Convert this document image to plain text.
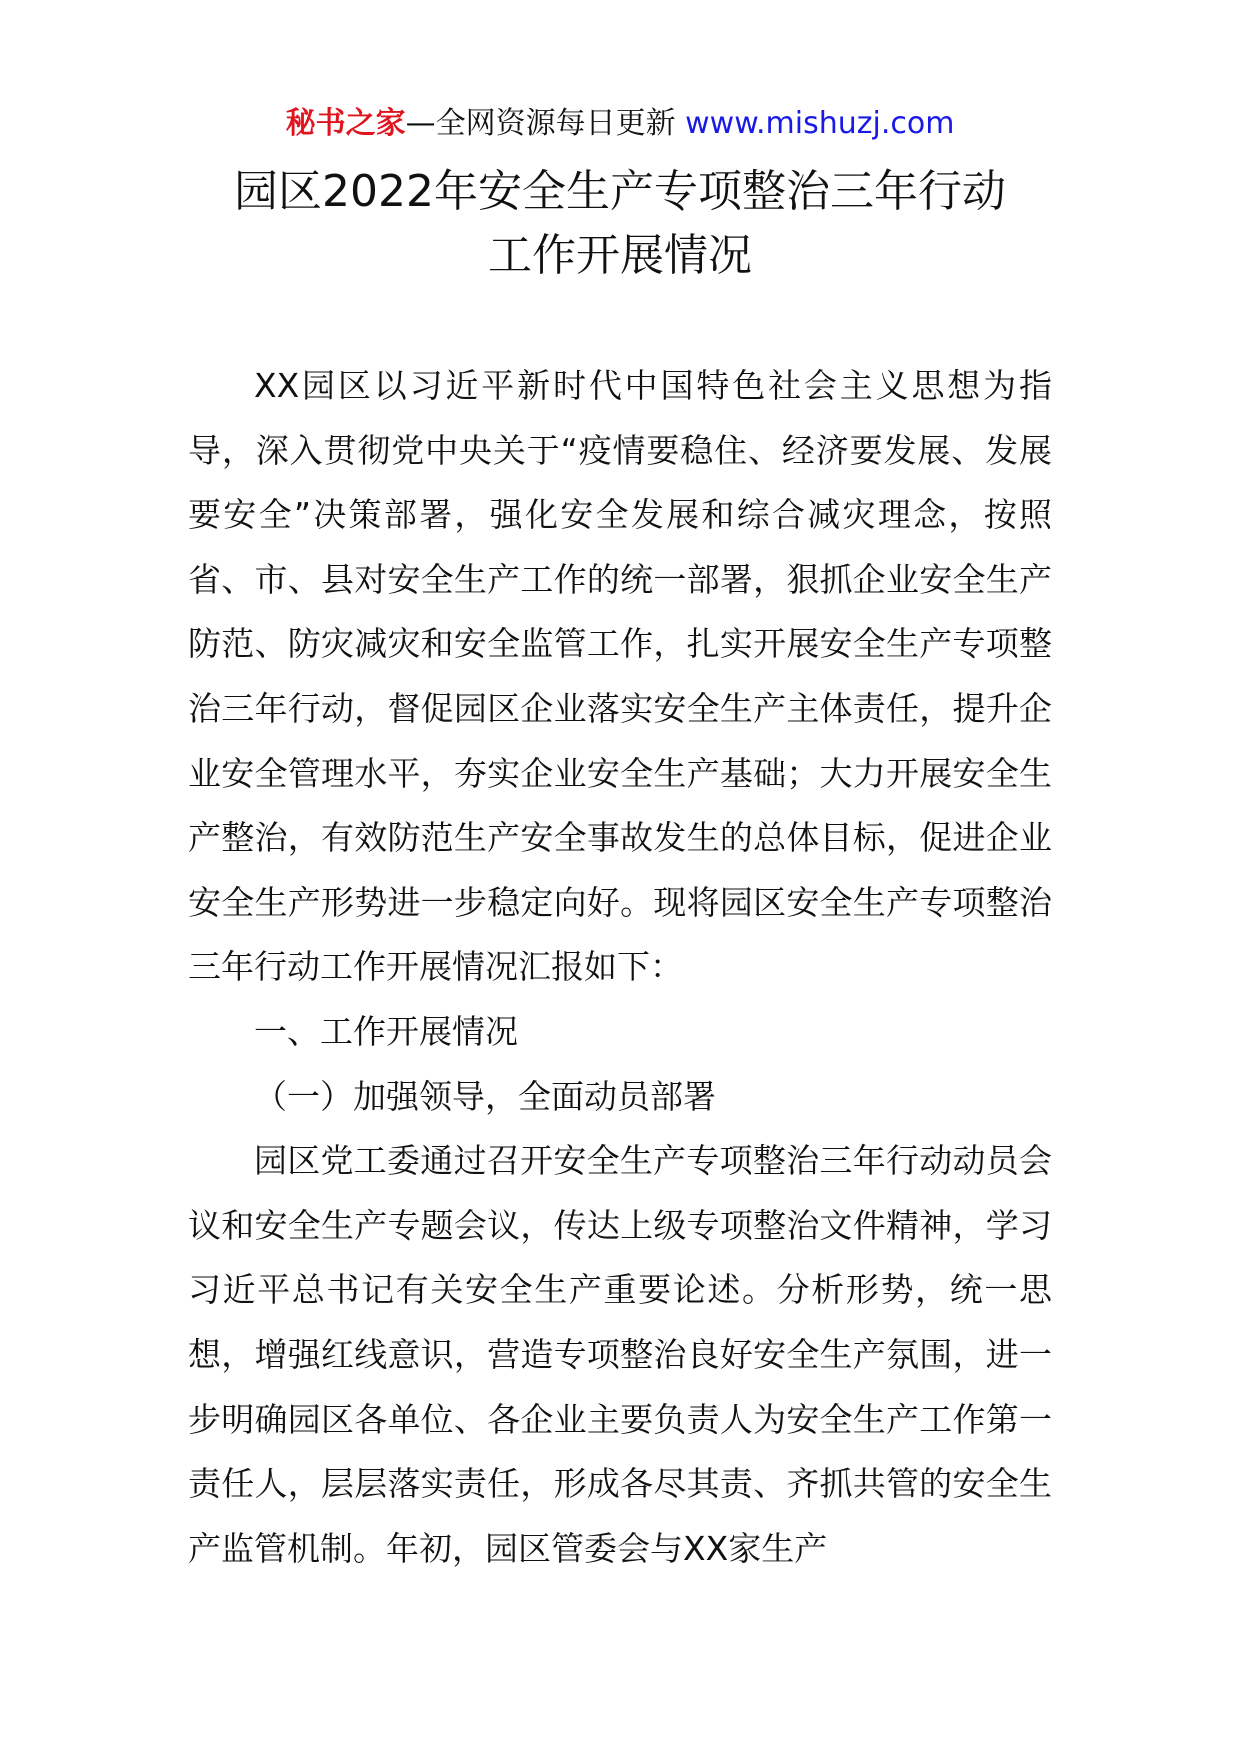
秘书之家—全网资源每日更新 www.mishuzj.com
园区2022年安全生产专项整治三年行动
工作开展情况

XX园区以习近平新时代中国特色社会主义思想为指导，深入贯彻党中央关于“疫情要稳住、经济要发展、发展要安全”决策部署，强化安全发展和综合减灾理念，按照省、市、县对安全生产工作的统一部署，狠抓企业安全生产防范、防灾减灾和安全监管工作，扎实开展安全生产专项整治三年行动，督促园区企业落实安全生产主体责任，提升企业安全管理水平，夯实企业安全生产基础；大力开展安全生产整治，有效防范生产安全事故发生的总体目标，促进企业安全生产形势进一步稳定向好。现将园区安全生产专项整治三年行动工作开展情况汇报如下：

一、工作开展情况

（一）加强领导，全面动员部署

园区党工委通过召开安全生产专项整治三年行动动员会议和安全生产专题会议，传达上级专项整治文件精神，学习习近平总书记有关安全生产重要论述。分析形势，统一思想，增强红线意识，营造专项整治良好安全生产氛围，进一步明确园区各单位、各企业主要负责人为安全生产工作第一责任人，层层落实责任，形成各尽其责、齐抓共管的安全生产监管机制。年初，园区管委会与XX家生产
